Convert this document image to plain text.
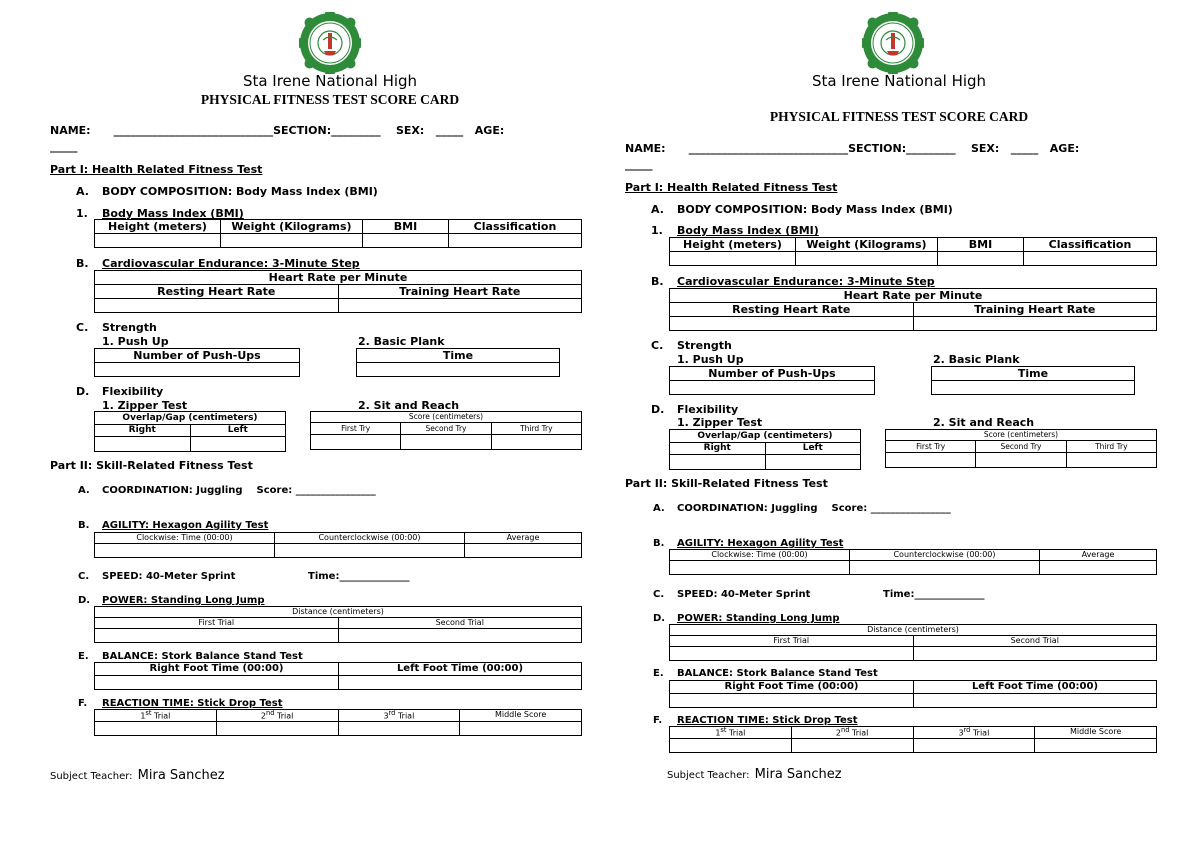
Sta Irene National High
PHYSICAL FITNESS TEST SCORE CARD
NAME: _____________________________SECTION:_________ SEX: _____ AGE:
_____
Part I: Health Related Fitness Test
A. BODY COMPOSITION: Body Mass Index (BMI)
1. Body Mass Index (BMI)
Height (meters)	Weight (Kilograms)	BMI	Classification

B. Cardiovascular Endurance: 3-Minute Step
Heart Rate per Minute	
Resting Heart Rate	Training Heart Rate

C. Strength
1. Push Up	2. Basic Plank
Number of Push-Ups	Time

D. Flexibility
1. Zipper Test	2. Sit and Reach
Overlap/Gap (centimeters)	
Right	Left

Score (centimeters)		
First Try	Second Try	Third Try

Part II: Skill-Related Fitness Test
A. COORDINATION: Juggling Score: ________________
B. AGILITY: Hexagon Agility Test
Clockwise: Time (00:00)	Counterclockwise (00:00)	Average

C. SPEED: 40-Meter Sprint	Time:______________
D. POWER: Standing Long Jump
Distance (centimeters)	
First Trial	Second Trial

E. BALANCE: Stork Balance Stand Test
Right Foot Time (00:00)	Left Foot Time (00:00)

F. REACTION TIME: Stick Drop Test
1st Trial	2nd Trial	3rd Trial	Middle Score

Subject Teacher: Mira Sanchez
Sta Irene National High
PHYSICAL FITNESS TEST SCORE CARD
NAME: _____________________________SECTION:_________ SEX: _____ AGE:
_____
Part I: Health Related Fitness Test
A. BODY COMPOSITION: Body Mass Index (BMI)
1. Body Mass Index (BMI)
Height (meters)	Weight (Kilograms)	BMI	Classification

B. Cardiovascular Endurance: 3-Minute Step
Heart Rate per Minute	
Resting Heart Rate	Training Heart Rate

C. Strength
1. Push Up	2. Basic Plank
Number of Push-Ups	Time

D. Flexibility
1. Zipper Test	2. Sit and Reach
Overlap/Gap (centimeters)	
Right	Left

Score (centimeters)		
First Try	Second Try	Third Try

Part II: Skill-Related Fitness Test
A. COORDINATION: Juggling Score: ________________
B. AGILITY: Hexagon Agility Test
Clockwise: Time (00:00)	Counterclockwise (00:00)	Average

C. SPEED: 40-Meter Sprint	Time:______________
D. POWER: Standing Long Jump
Distance (centimeters)	
First Trial	Second Trial

E. BALANCE: Stork Balance Stand Test
Right Foot Time (00:00)	Left Foot Time (00:00)

F. REACTION TIME: Stick Drop Test
1st Trial	2nd Trial	3rd Trial	Middle Score

Subject Teacher: Mira Sanchez
